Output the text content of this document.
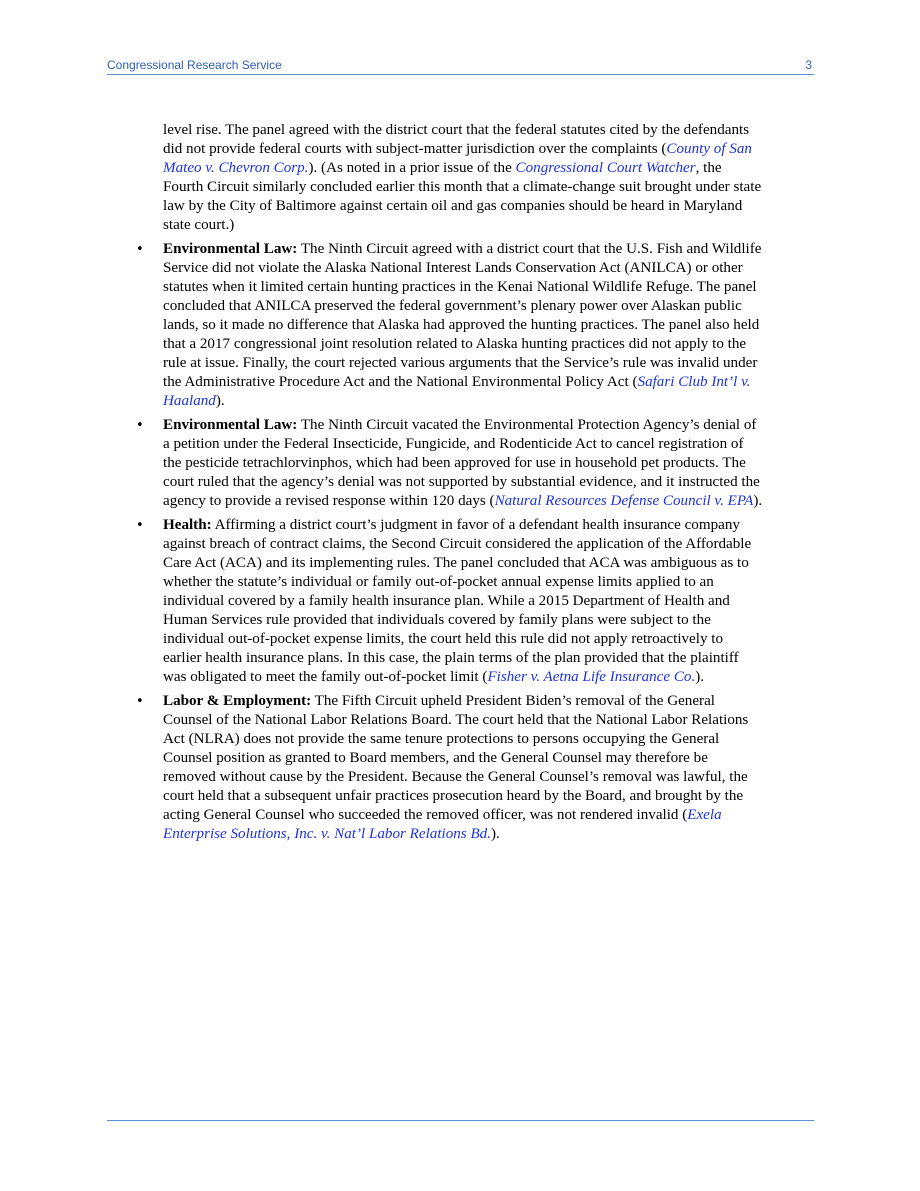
Congressional Research Service	3

level rise. The panel agreed with the district court that the federal statutes cited by the defendants did not provide federal courts with subject-matter jurisdiction over the complaints (County of San Mateo v. Chevron Corp.). (As noted in a prior issue of the Congressional Court Watcher, the Fourth Circuit similarly concluded earlier this month that a climate-change suit brought under state law by the City of Baltimore against certain oil and gas companies should be heard in Maryland state court.)

• Environmental Law: The Ninth Circuit agreed with a district court that the U.S. Fish and Wildlife Service did not violate the Alaska National Interest Lands Conservation Act (ANILCA) or other statutes when it limited certain hunting practices in the Kenai National Wildlife Refuge. The panel concluded that ANILCA preserved the federal government’s plenary power over Alaskan public lands, so it made no difference that Alaska had approved the hunting practices. The panel also held that a 2017 congressional joint resolution related to Alaska hunting practices did not apply to the rule at issue. Finally, the court rejected various arguments that the Service’s rule was invalid under the Administrative Procedure Act and the National Environmental Policy Act (Safari Club Int’l v. Haaland).
• Environmental Law: The Ninth Circuit vacated the Environmental Protection Agency’s denial of a petition under the Federal Insecticide, Fungicide, and Rodenticide Act to cancel registration of the pesticide tetrachlorvinphos, which had been approved for use in household pet products. The court ruled that the agency’s denial was not supported by substantial evidence, and it instructed the agency to provide a revised response within 120 days (Natural Resources Defense Council v. EPA).
• Health: Affirming a district court’s judgment in favor of a defendant health insurance company against breach of contract claims, the Second Circuit considered the application of the Affordable Care Act (ACA) and its implementing rules. The panel concluded that ACA was ambiguous as to whether the statute’s individual or family out-of-pocket annual expense limits applied to an individual covered by a family health insurance plan. While a 2015 Department of Health and Human Services rule provided that individuals covered by family plans were subject to the individual out-of-pocket expense limits, the court held this rule did not apply retroactively to earlier health insurance plans. In this case, the plain terms of the plan provided that the plaintiff was obligated to meet the family out-of-pocket limit (Fisher v. Aetna Life Insurance Co.).
• Labor & Employment: The Fifth Circuit upheld President Biden’s removal of the General Counsel of the National Labor Relations Board. The court held that the National Labor Relations Act (NLRA) does not provide the same tenure protections to persons occupying the General Counsel position as granted to Board members, and the General Counsel may therefore be removed without cause by the President. Because the General Counsel’s removal was lawful, the court held that a subsequent unfair practices prosecution heard by the Board, and brought by the acting General Counsel who succeeded the removed officer, was not rendered invalid (Exela Enterprise Solutions, Inc. v. Nat’l Labor Relations Bd.).
